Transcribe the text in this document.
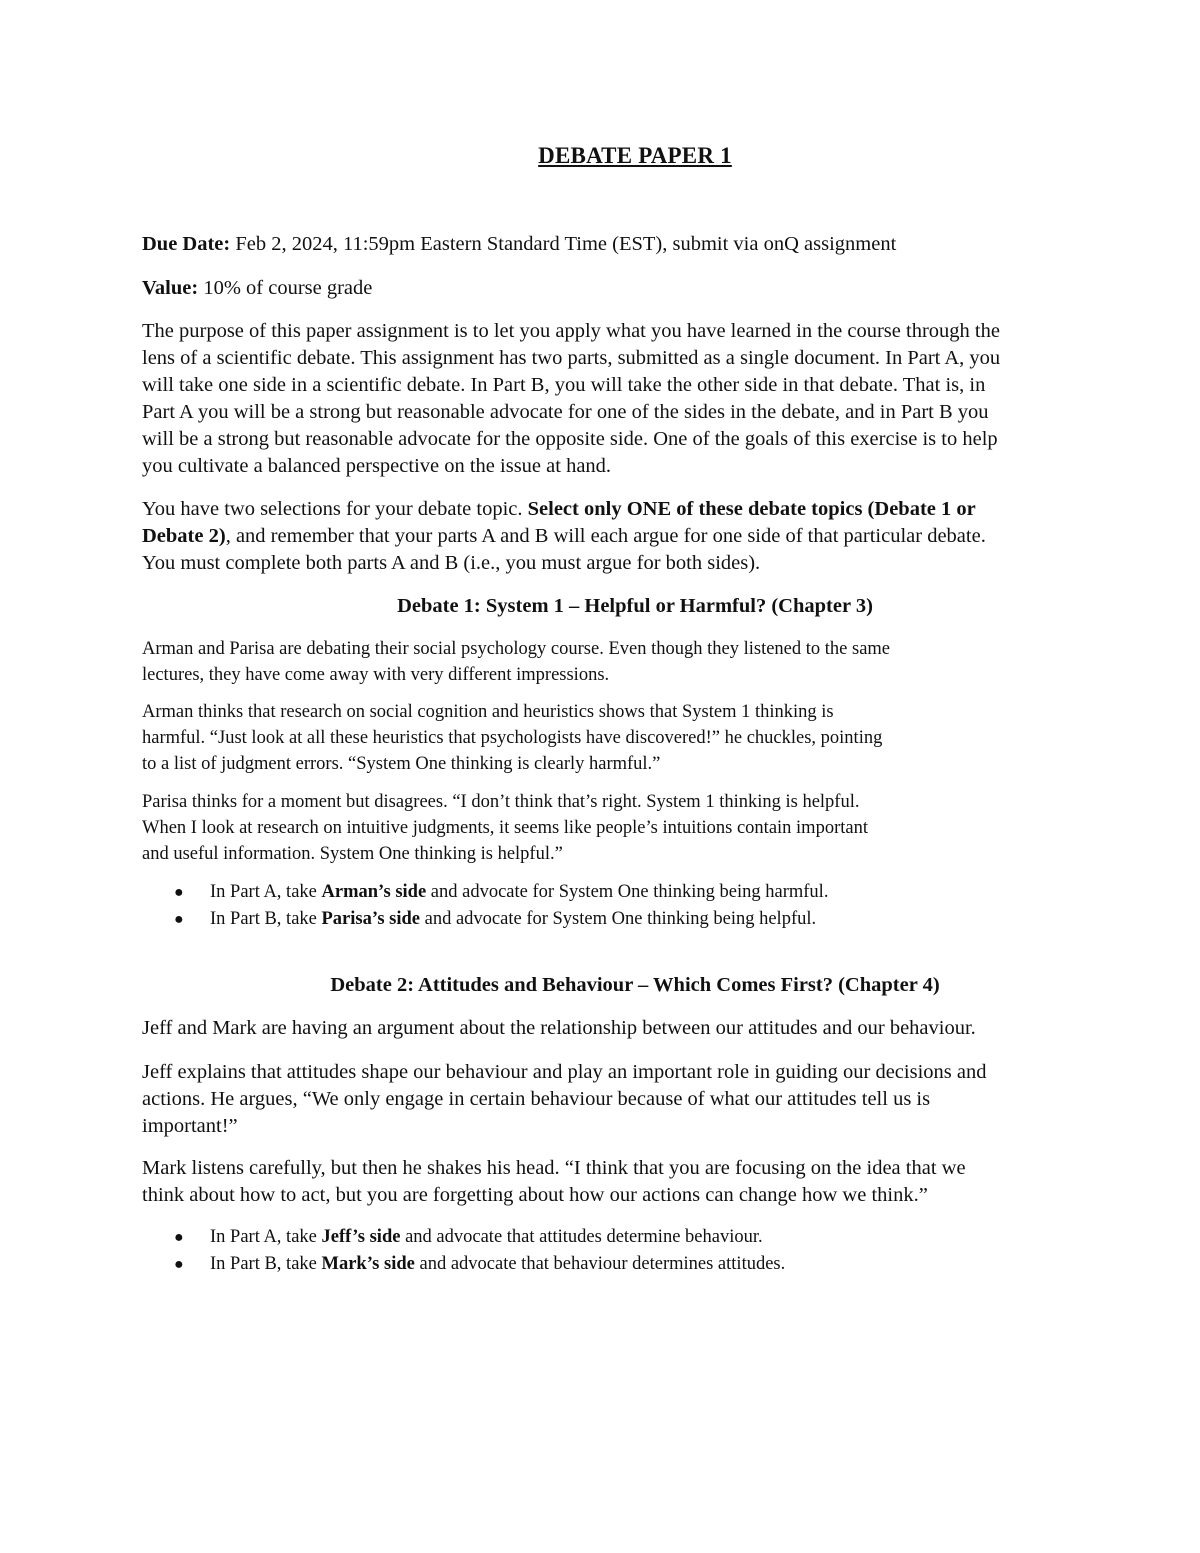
DEBATE PAPER 1
Due Date: Feb 2, 2024, 11:59pm Eastern Standard Time (EST), submit via onQ assignment
Value: 10% of course grade
The purpose of this paper assignment is to let you apply what you have learned in the course through the
lens of a scientific debate. This assignment has two parts, submitted as a single document. In Part A, you
will take one side in a scientific debate. In Part B, you will take the other side in that debate. That is, in
Part A you will be a strong but reasonable advocate for one of the sides in the debate, and in Part B you
will be a strong but reasonable advocate for the opposite side. One of the goals of this exercise is to help
you cultivate a balanced perspective on the issue at hand.
You have two selections for your debate topic. Select only ONE of these debate topics (Debate 1 or
Debate 2), and remember that your parts A and B will each argue for one side of that particular debate.
You must complete both parts A and B (i.e., you must argue for both sides).
Debate 1: System 1 – Helpful or Harmful? (Chapter 3)
Arman and Parisa are debating their social psychology course. Even though they listened to the same
lectures, they have come away with very different impressions.
Arman thinks that research on social cognition and heuristics shows that System 1 thinking is
harmful. “Just look at all these heuristics that psychologists have discovered!” he chuckles, pointing
to a list of judgment errors. “System One thinking is clearly harmful.”
Parisa thinks for a moment but disagrees. “I don’t think that’s right. System 1 thinking is helpful.
When I look at research on intuitive judgments, it seems like people’s intuitions contain important
and useful information. System One thinking is helpful.”
● In Part A, take Arman’s side and advocate for System One thinking being harmful.
● In Part B, take Parisa’s side and advocate for System One thinking being helpful.
Debate 2: Attitudes and Behaviour – Which Comes First? (Chapter 4)
Jeff and Mark are having an argument about the relationship between our attitudes and our behaviour.
Jeff explains that attitudes shape our behaviour and play an important role in guiding our decisions and
actions. He argues, “We only engage in certain behaviour because of what our attitudes tell us is
important!”
Mark listens carefully, but then he shakes his head. “I think that you are focusing on the idea that we
think about how to act, but you are forgetting about how our actions can change how we think.”
● In Part A, take Jeff’s side and advocate that attitudes determine behaviour.
● In Part B, take Mark’s side and advocate that behaviour determines attitudes.
